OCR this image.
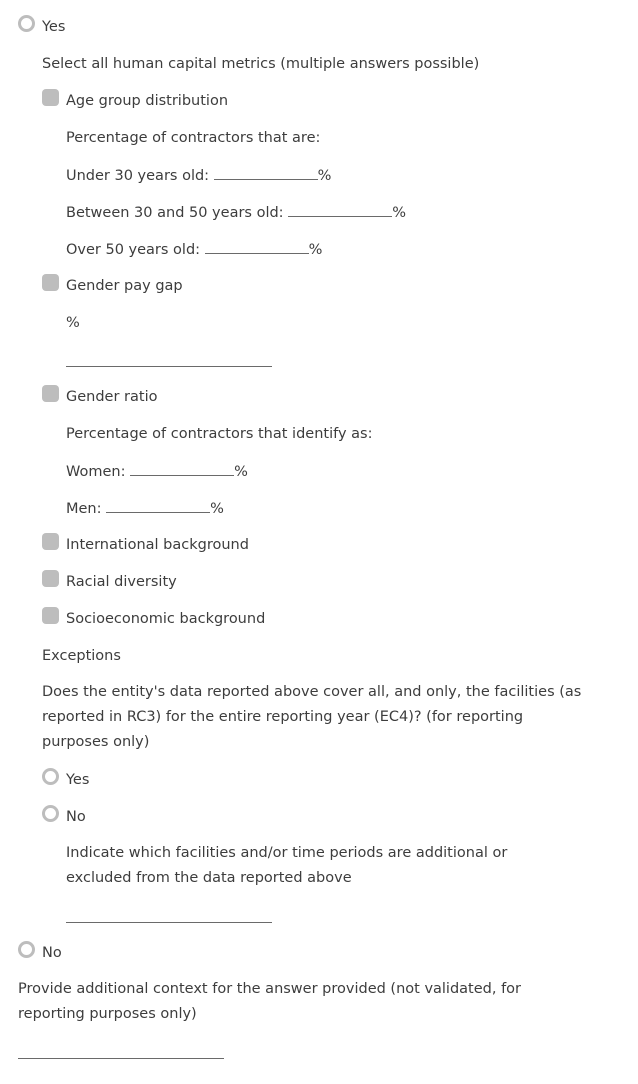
Yes
Select all human capital metrics (multiple answers possible)
Age group distribution
Percentage of contractors that are:
Under 30 years old:	%
Between 30 and 50 years old:	%
Over 50 years old:	%
Gender pay gap
%
Gender ratio
Percentage of contractors that identify as:
Women:	%
Men:	%
International background
Racial diversity
Socioeconomic background
Exceptions
Does the entity's data reported above cover all, and only, the facilities (as reported in RC3) for the entire reporting year (EC4)? (for reporting purposes only)
Yes
No
Indicate which facilities and/or time periods are additional or excluded from the data reported above
No
Provide additional context for the answer provided (not validated, for reporting purposes only)
